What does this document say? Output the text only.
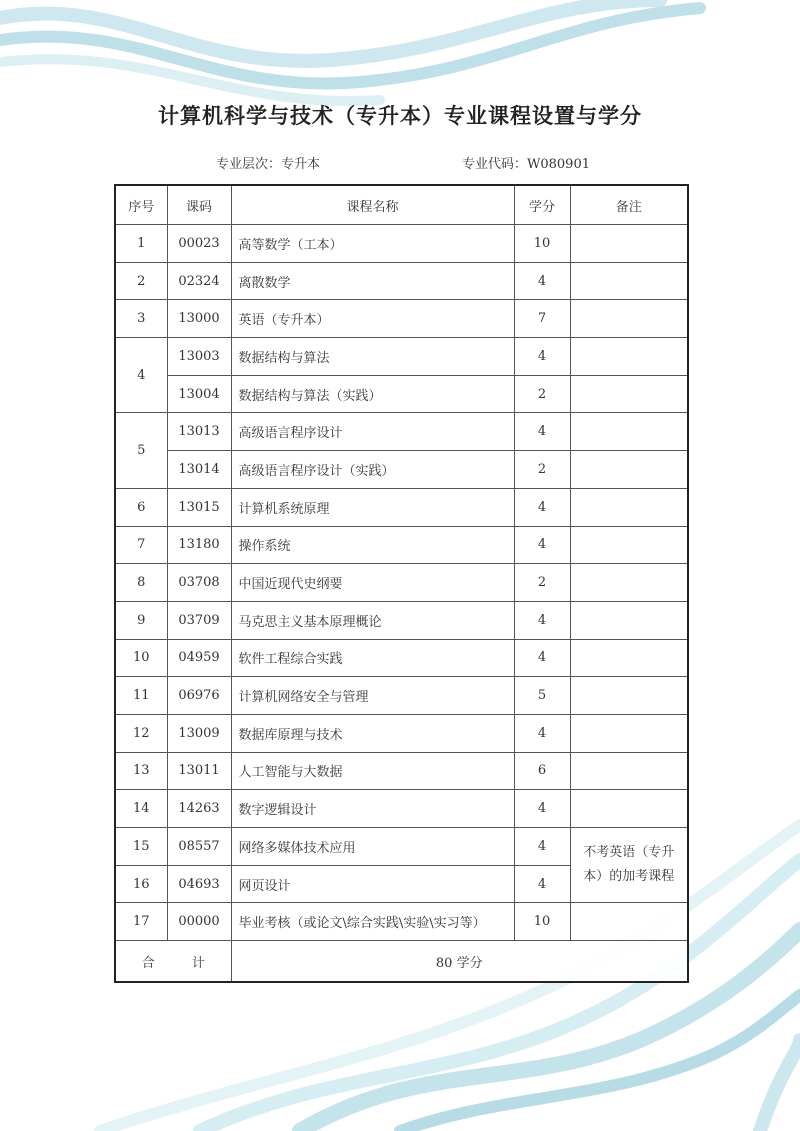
计算机科学与技术（专升本）专业课程设置与学分
专业层次：专升本	专业代码：W080901
序号	课码	课程名称	学分	备注
1	00023	高等数学（工本）	10	
2	02324	离散数学	4	
3	13000	英语（专升本）	7	
4	13003	数据结构与算法	4	
	13004	数据结构与算法（实践）	2	
5	13013	高级语言程序设计	4	
	13014	高级语言程序设计（实践）	2	
6	13015	计算机系统原理	4	
7	13180	操作系统	4	
8	03708	中国近现代史纲要	2	
9	03709	马克思主义基本原理概论	4	
10	04959	软件工程综合实践	4	
11	06976	计算机网络安全与管理	5	
12	13009	数据库原理与技术	4	
13	13011	人工智能与大数据	6	
14	14263	数字逻辑设计	4	
15	08557	网络多媒体技术应用	4	不考英语（专升本）的加考课程
16	04693	网页设计	4	
17	00000	毕业考核（或论文\综合实践\实验\实习等）	10	
合 计		80 学分		
